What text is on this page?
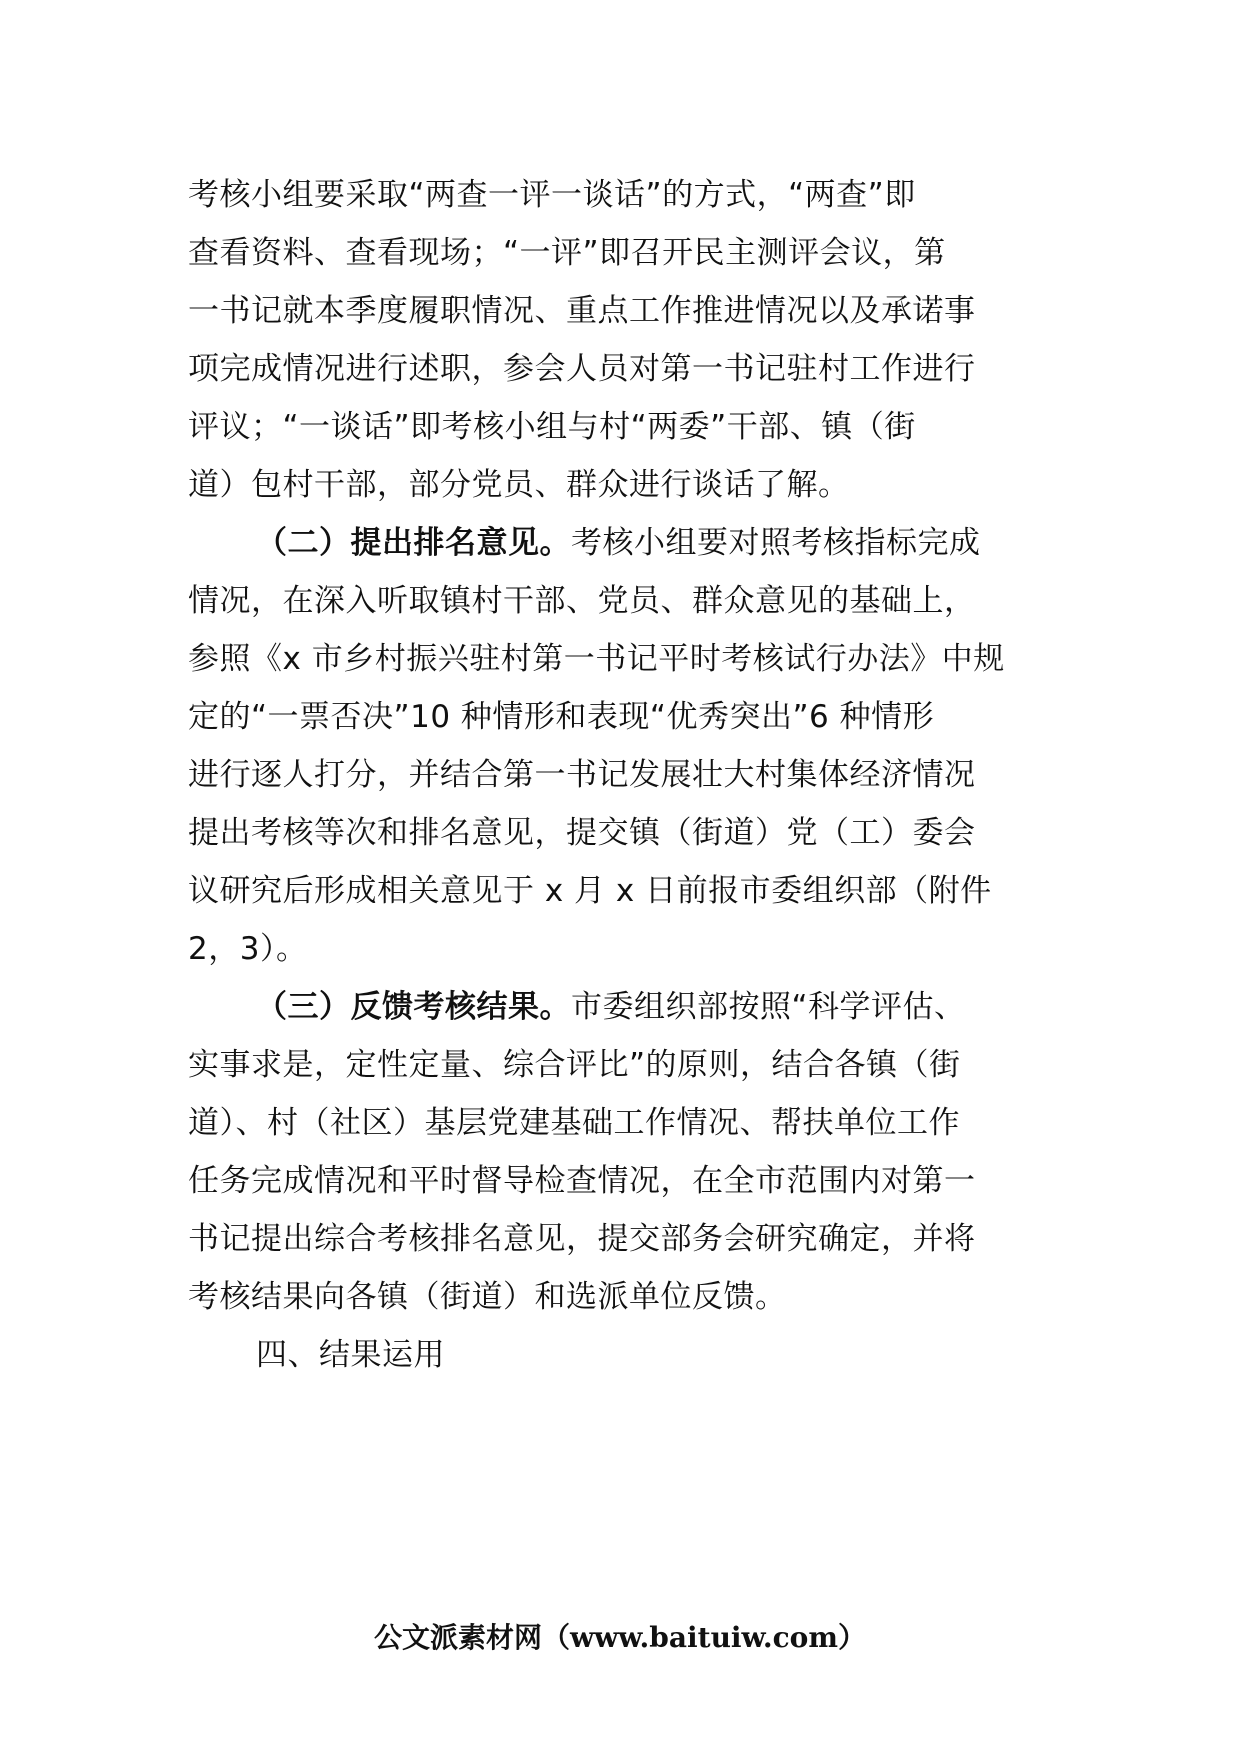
考核小组要采取“两查一评一谈话”的方式，“两查”即
查看资料、查看现场；“一评”即召开民主测评会议，第
一书记就本季度履职情况、重点工作推进情况以及承诺事
项完成情况进行述职，参会人员对第一书记驻村工作进行
评议；“一谈话”即考核小组与村“两委”干部、镇（街
道）包村干部，部分党员、群众进行谈话了解。
（二）提出排名意见。考核小组要对照考核指标完成
情况，在深入听取镇村干部、党员、群众意见的基础上，
参照《x 市乡村振兴驻村第一书记平时考核试行办法》中规
定的“一票否决”10 种情形和表现“优秀突出”6 种情形
进行逐人打分，并结合第一书记发展壮大村集体经济情况
提出考核等次和排名意见，提交镇（街道）党（工）委会
议研究后形成相关意见于 x 月 x 日前报市委组织部（附件
2，3）。
（三）反馈考核结果。市委组织部按照“科学评估、
实事求是，定性定量、综合评比”的原则，结合各镇（街
道）、村（社区）基层党建基础工作情况、帮扶单位工作
任务完成情况和平时督导检查情况，在全市范围内对第一
书记提出综合考核排名意见，提交部务会研究确定，并将
考核结果向各镇（街道）和选派单位反馈。
四、结果运用
公文派素材网（www.baituiw.com）
